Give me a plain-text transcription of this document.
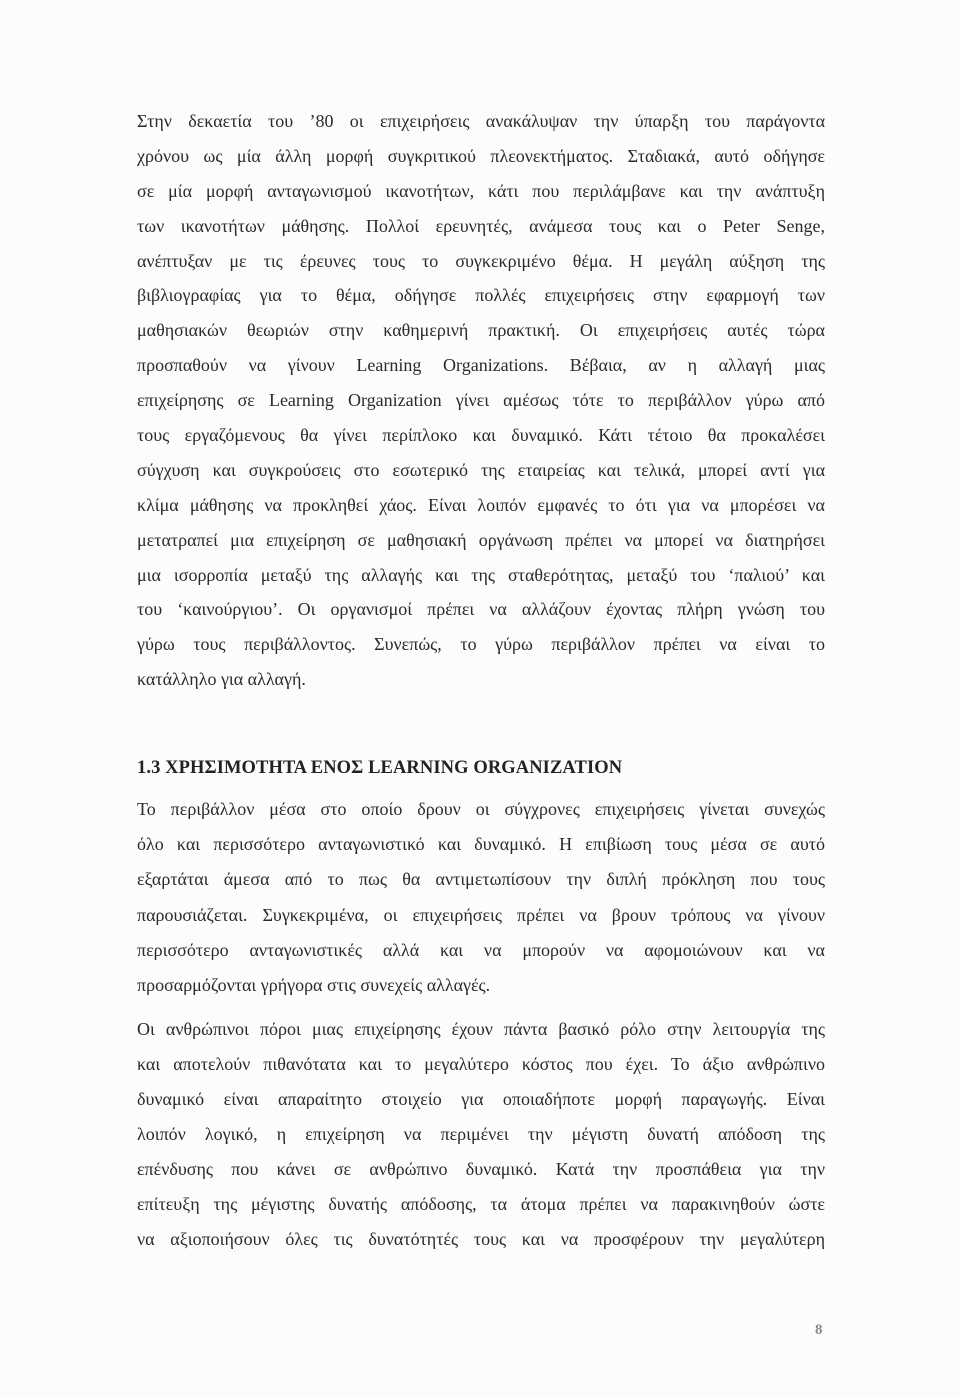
Στην δεκαετία του ’80 οι επιχειρήσεις ανακάλυψαν την ύπαρξη του παράγοντα
χρόνου ως μία άλλη μορφή συγκριτικού πλεονεκτήματος. Σταδιακά, αυτό οδήγησε
σε μία μορφή ανταγωνισμού ικανοτήτων, κάτι που περιλάμβανε και την ανάπτυξη
των ικανοτήτων μάθησης. Πολλοί ερευνητές, ανάμεσα τους και ο Peter Senge,
ανέπτυξαν με τις έρευνες τους το συγκεκριμένο θέμα. Η μεγάλη αύξηση της
βιβλιογραφίας για το θέμα, οδήγησε πολλές επιχειρήσεις στην εφαρμογή των
μαθησιακών θεωριών στην καθημερινή πρακτική. Οι επιχειρήσεις αυτές τώρα
προσπαθούν να γίνουν Learning Organizations. Βέβαια, αν η αλλαγή μιας
επιχείρησης σε Learning Organization γίνει αμέσως τότε το περιβάλλον γύρω από
τους εργαζόμενους θα γίνει περίπλοκο και δυναμικό. Κάτι τέτοιο θα προκαλέσει
σύγχυση και συγκρούσεις στο εσωτερικό της εταιρείας και τελικά, μπορεί αντί για
κλίμα μάθησης να προκληθεί χάος. Είναι λοιπόν εμφανές το ότι για να μπορέσει να
μετατραπεί μια επιχείρηση σε μαθησιακή οργάνωση πρέπει να μπορεί να διατηρήσει
μια ισορροπία μεταξύ της αλλαγής και της σταθερότητας, μεταξύ του ‘παλιού’ και
του ‘καινούργιου’. Οι οργανισμοί πρέπει να αλλάζουν έχοντας πλήρη γνώση του
γύρω τους περιβάλλοντος. Συνεπώς, το γύρω περιβάλλον πρέπει να είναι το
κατάλληλο για αλλαγή.
1.3 ΧΡΗΣΙΜΟΤΗΤΑ ΕΝΟΣ LEARNING ORGANIZATION
Το περιβάλλον μέσα στο οποίο δρουν οι σύγχρονες επιχειρήσεις γίνεται συνεχώς
όλο και περισσότερο ανταγωνιστικό και δυναμικό. Η επιβίωση τους μέσα σε αυτό
εξαρτάται άμεσα από το πως θα αντιμετωπίσουν την διπλή πρόκληση που τους
παρουσιάζεται. Συγκεκριμένα, οι επιχειρήσεις πρέπει να βρουν τρόπους να γίνουν
περισσότερο ανταγωνιστικές αλλά και να μπορούν να αφομοιώνουν και να
προσαρμόζονται γρήγορα στις συνεχείς αλλαγές.
Οι ανθρώπινοι πόροι μιας επιχείρησης έχουν πάντα βασικό ρόλο στην λειτουργία της
και αποτελούν πιθανότατα και το μεγαλύτερο κόστος που έχει. Το άξιο ανθρώπινο
δυναμικό είναι απαραίτητο στοιχείο για οποιαδήποτε μορφή παραγωγής. Είναι
λοιπόν λογικό, η επιχείρηση να περιμένει την μέγιστη δυνατή απόδοση της
επένδυσης που κάνει σε ανθρώπινο δυναμικό. Κατά την προσπάθεια για την
επίτευξη της μέγιστης δυνατής απόδοσης, τα άτομα πρέπει να παρακινηθούν ώστε
να αξιοποιήσουν όλες τις δυνατότητές τους και να προσφέρουν την μεγαλύτερη
8
